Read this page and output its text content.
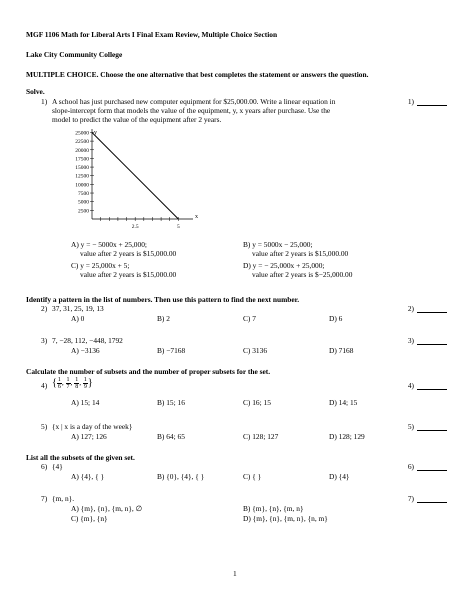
MGF 1106 Math for Liberal Arts I Final Exam Review, Multiple Choice Section
Lake City Community College
MULTIPLE CHOICE. Choose the one alternative that best completes the statement or answers the question.
Solve.
1) A school has just purchased new computer equipment for $25,000.00. Write a linear equation in
slope-intercept form that models the value of the equipment, y, x years after purchase. Use the
model to predict the value of the equipment after 2 years.
1)
x
y
25000
22500
20000
17500
15000
12500
10000
7500
5000
2500
2.5	5
A) y = − 5000x + 25,000;
value after 2 years is $15,000.00
B) y = 5000x − 25,000;
value after 2 years is $15,000.00
C) y = 25,000x + 5;
value after 2 years is $15,000.00
D) y = − 25,000x + 25,000;
value after 2 years is $−25,000.00
Identify a pattern in the list of numbers. Then use this pattern to find the next number.
2) 37, 31, 25, 19, 13	2)
A) 0	B) 2	C) 7	D) 6
3) 7, −28, 112, −448, 1792	3)
A) −3136	B) −7168	C) 3136	D) 7168
Calculate the number of subsets and the number of proper subsets for the set.
4) { $\frac{1}{6}$ , $\frac{1}{7}$ , $\frac{1}{8}$ , $\frac{1}{9}$ }	4)
A) 15; 14	B) 15; 16	C) 16; 15	D) 14; 15
5) {x | x is a day of the week}	5)
A) 127; 126	B) 64; 65	C) 128; 127	D) 128; 129
List all the subsets of the given set.
6) {4}	6)
A) {4}, { }	B) {0}, {4}, { }	C) { }	D) {4}
7) {m, n}.	7)
A) {m}, {n}, {m, n}, ∅	B) {m}, {n}, {m, n}
C) {m}, {n}	D) {m}, {n}, {m, n}, {n, m}
1
